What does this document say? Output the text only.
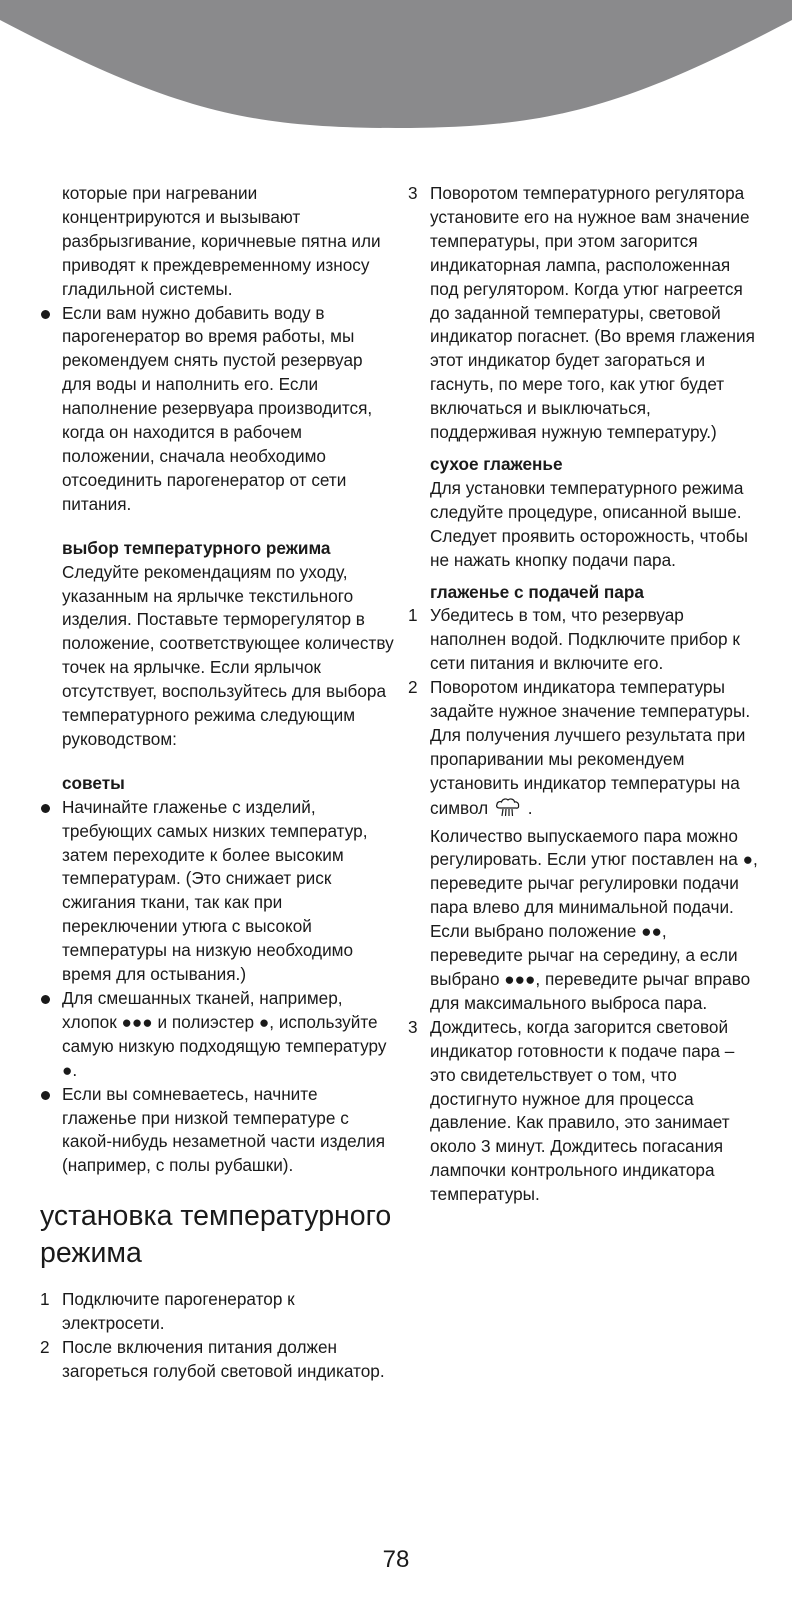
которые при нагревании концентрируются и вызывают разбрызгивание, коричневые пятна или приводят к преждевременному износу гладильной системы.

Если вам нужно добавить воду в парогенератор во время работы, мы рекомендуем снять пустой резервуар для воды и наполнить его. Если наполнение резервуара производится, когда он находится в рабочем положении, сначала необходимо отсоединить парогенератор от сети питания.

выбор температурного режима

Следуйте рекомендациям по уходу, указанным на ярлычке текстильного изделия. Поставьте терморегулятор в положение, соответствующее количеству точек на ярлычке. Если ярлычок отсутствует, воспользуйтесь для выбора температурного режима следующим руководством:

советы

Начинайте глаженье с изделий, требующих самых низких температур, затем переходите к более высоким температурам. (Это снижает риск сжигания ткани, так как при переключении утюга с высокой температуры на низкую необходимо время для остывания.)
Для смешанных тканей, например, хлопок ●●● и полиэстер ●, используйте самую низкую подходящую температуру ●.
Если вы сомневаетесь, начните глаженье при низкой температуре с какой-нибудь незаметной части изделия (например, с полы рубашки).
установка температурного режима
1 Подключите парогенератор к электросети.
2 После включения питания должен загореться голубой световой индикатор.
3 Поворотом температурного регулятора установите его на нужное вам значение температуры, при этом загорится индикаторная лампа, расположенная под регулятором. Когда утюг нагреется до заданной температуры, световой индикатор погаснет. (Во время глажения этот индикатор будет загораться и гаснуть, по мере того, как утюг будет включаться и выключаться, поддерживая нужную температуру.)

сухое глаженье

Для установки температурного режима следуйте процедуре, описанной выше.

Следует проявить осторожность, чтобы не нажать кнопку подачи пара.

глаженье с подачей пара

1 Убедитесь в том, что резервуар наполнен водой. Подключите прибор к сети питания и включите его.
2 Поворотом индикатора температуры задайте нужное значение температуры. Для получения лучшего результата при пропаривании мы рекомендуем установить индикатор температуры на символ .
Количество выпускаемого пара можно регулировать. Если утюг поставлен на ●, переведите рычаг регулировки подачи пара влево для минимальной подачи. Если выбрано положение ●●, переведите рычаг на середину, а если выбрано ●●●, переведите рычаг вправо для максимального выброса пара.
3 Дождитесь, когда загорится световой индикатор готовности к подаче пара – это свидетельствует о том, что достигнуто нужное для процесса давление. Как правило, это занимает около 3 минут. Дождитесь погасания лампочки контрольного индикатора температуры.
78
